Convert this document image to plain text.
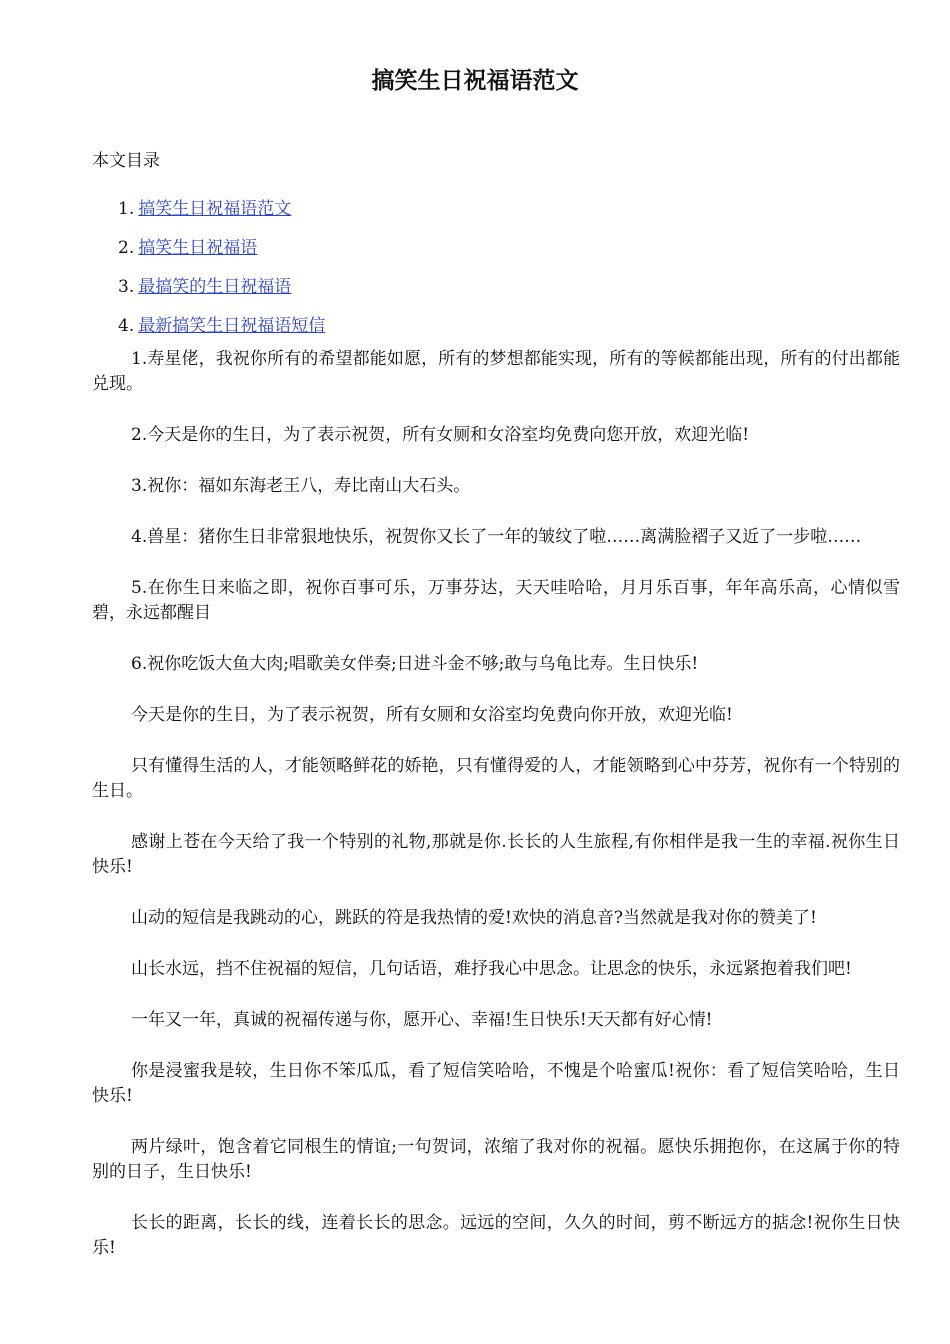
搞笑生日祝福语范文
本文目录
1. 搞笑生日祝福语范文
2. 搞笑生日祝福语
3. 最搞笑的生日祝福语
4. 最新搞笑生日祝福语短信

1.寿星佬，我祝你所有的希望都能如愿，所有的梦想都能实现，所有的等候都能出现，所有的付出都能兑现。

2.今天是你的生日，为了表示祝贺，所有女厕和女浴室均免费向您开放，欢迎光临!

3.祝你：福如东海老王八，寿比南山大石头。

4.兽星：猪你生日非常狠地快乐，祝贺你又长了一年的皱纹了啦……离满脸褶子又近了一步啦……

5.在你生日来临之即，祝你百事可乐，万事芬达，天天哇哈哈，月月乐百事，年年高乐高，心情似雪碧，永远都醒目

6.祝你吃饭大鱼大肉;唱歌美女伴奏;日进斗金不够;敢与乌龟比寿。生日快乐!

今天是你的生日，为了表示祝贺，所有女厕和女浴室均免费向你开放，欢迎光临!

只有懂得生活的人，才能领略鲜花的娇艳，只有懂得爱的人，才能领略到心中芬芳，祝你有一个特别的生日。

感谢上苍在今天给了我一个特别的礼物,那就是你.长长的人生旅程,有你相伴是我一生的幸福.祝你生日快乐!

山动的短信是我跳动的心，跳跃的符是我热情的爱!欢快的消息音?当然就是我对你的赞美了!

山长水远，挡不住祝福的短信，几句话语，难抒我心中思念。让思念的快乐，永远紧抱着我们吧!

一年又一年，真诚的祝福传递与你，愿开心、幸福!生日快乐!天天都有好心情!

你是浸蜜我是较，生日你不笨瓜瓜，看了短信笑哈哈，不愧是个哈蜜瓜!祝你：看了短信笑哈哈，生日快乐!

两片绿叶，饱含着它同根生的情谊;一句贺词，浓缩了我对你的祝福。愿快乐拥抱你，在这属于你的特别的日子，生日快乐!

长长的距离，长长的线，连着长长的思念。远远的空间，久久的时间，剪不断远方的掂念!祝你生日快乐!
